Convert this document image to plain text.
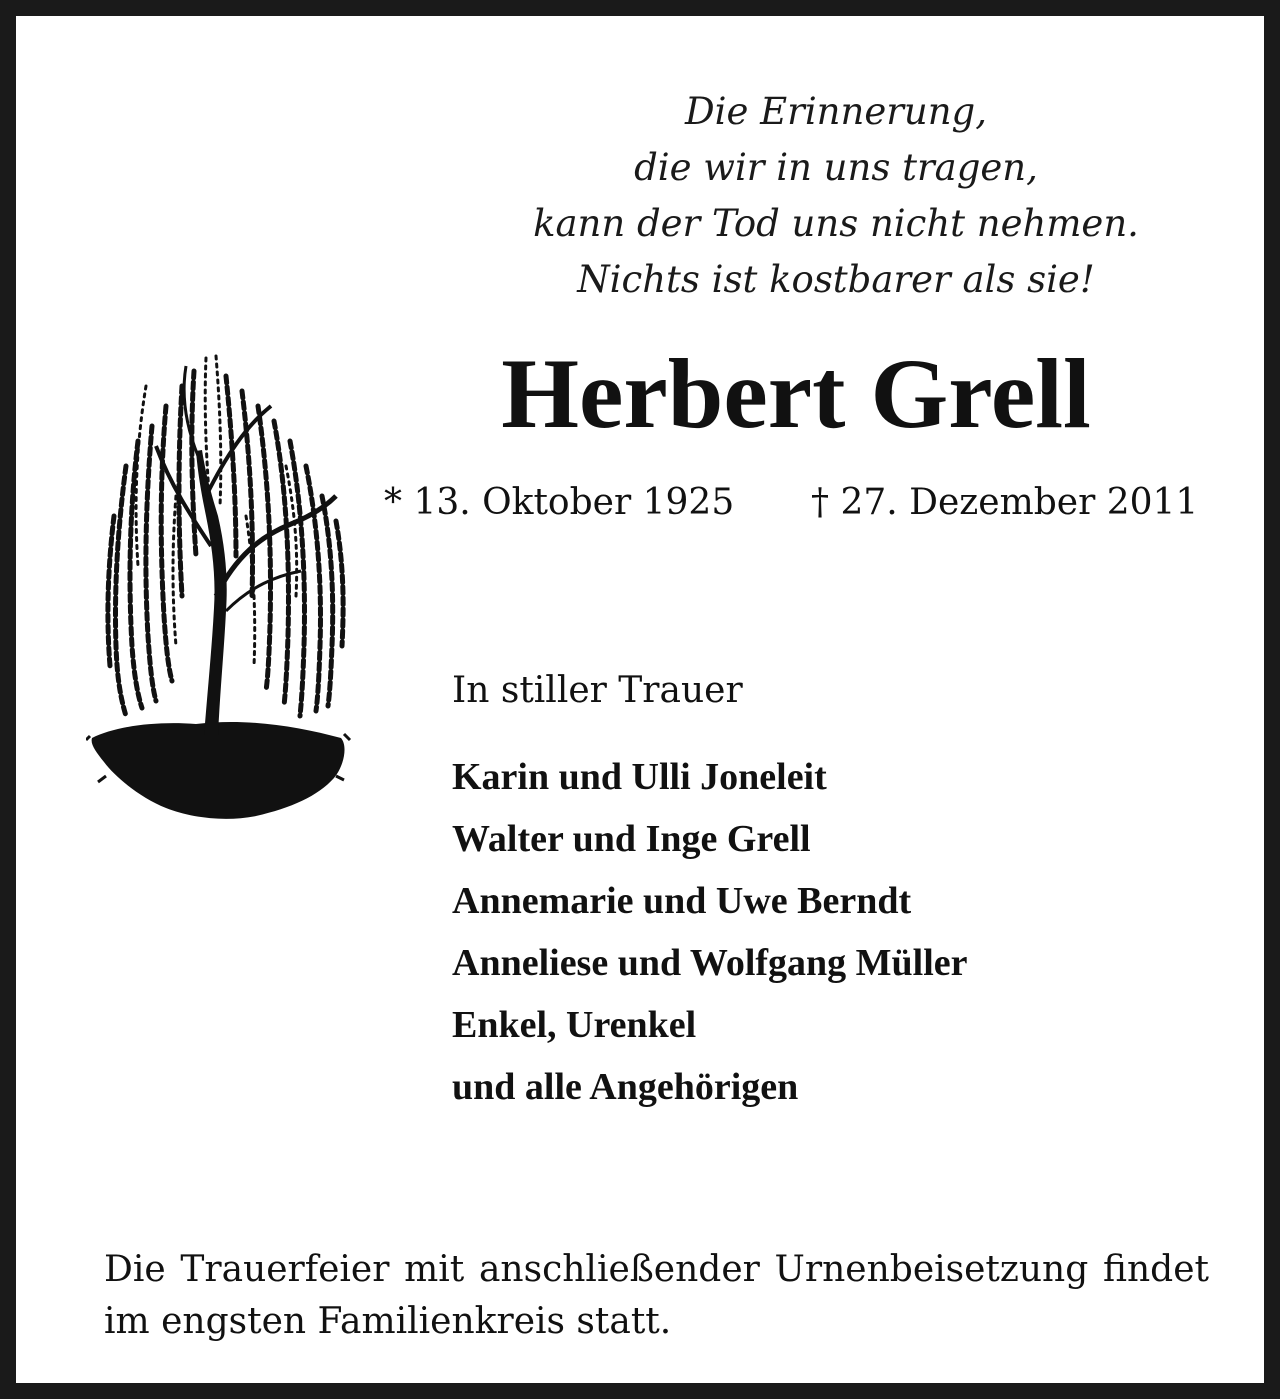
Die Erinnerung,
die wir in uns tragen,
kann der Tod uns nicht nehmen.
Nichts ist kostbarer als sie!
Herbert Grell
* 13. Oktober 1925 † 27. Dezember 2011
In stiller Trauer
Karin und Ulli Joneleit
Walter und Inge Grell
Annemarie und Uwe Berndt
Anneliese und Wolfgang Müller
Enkel, Urenkel
und alle Angehörigen
Die Trauerfeier mit anschließender Urnenbeisetzung findet im engsten Familienkreis statt.
